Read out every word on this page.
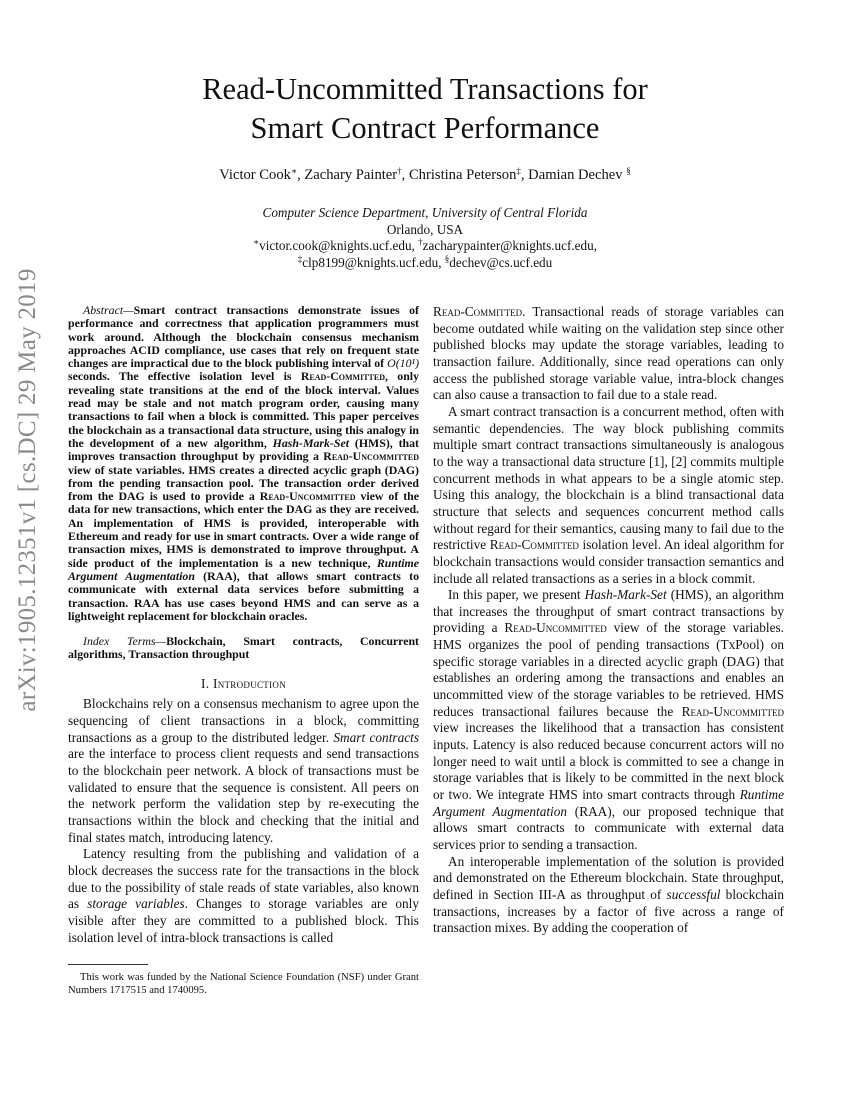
arXiv:1905.12351v1 [cs.DC] 29 May 2019
Read-Uncommitted Transactions for
Smart Contract Performance
Victor Cook∗, Zachary Painter†, Christina Peterson‡, Damian Dechev §
Computer Science Department, University of Central Florida
Orlando, USA
∗victor.cook@knights.ucf.edu, †zacharypainter@knights.ucf.edu,
‡clp8199@knights.ucf.edu, §dechev@cs.ucf.edu

Abstract—Smart contract transactions demonstrate issues of performance and correctness that application programmers must work around. Although the blockchain consensus mechanism approaches ACID compliance, use cases that rely on frequent state changes are impractical due to the block publishing interval of O(10¹) seconds. The effective isolation level is Read-Committed, only revealing state transitions at the end of the block interval. Values read may be stale and not match program order, causing many transactions to fail when a block is committed. This paper perceives the blockchain as a transactional data structure, using this analogy in the development of a new algorithm, Hash-Mark-Set (HMS), that improves transaction throughput by providing a Read-Uncommitted view of state variables. HMS creates a directed acyclic graph (DAG) from the pending transaction pool. The transaction order derived from the DAG is used to provide a Read-Uncommitted view of the data for new transactions, which enter the DAG as they are received. An implementation of HMS is provided, interoperable with Ethereum and ready for use in smart contracts. Over a wide range of transaction mixes, HMS is demonstrated to improve throughput. A side product of the implementation is a new technique, Runtime Argument Augmentation (RAA), that allows smart contracts to communicate with external data services before submitting a transaction. RAA has use cases beyond HMS and can serve as a lightweight replacement for blockchain oracles.

Index Terms—Blockchain, Smart contracts, Concurrent algorithms, Transaction throughput

I. Introduction

Blockchains rely on a consensus mechanism to agree upon the sequencing of client transactions in a block, committing transactions as a group to the distributed ledger. Smart contracts are the interface to process client requests and send transactions to the blockchain peer network. A block of transactions must be validated to ensure that the sequence is consistent. All peers on the network perform the validation step by re-executing the transactions within the block and checking that the initial and final states match, introducing latency.

Latency resulting from the publishing and validation of a block decreases the success rate for the transactions in the block due to the possibility of stale reads of state variables, also known as storage variables. Changes to storage variables are only visible after they are committed to a published block. This isolation level of intra-block transactions is called

Read-Committed. Transactional reads of storage variables can become outdated while waiting on the validation step since other published blocks may update the storage variables, leading to transaction failure. Additionally, since read operations can only access the published storage variable value, intra-block changes can also cause a transaction to fail due to a stale read.

A smart contract transaction is a concurrent method, often with semantic dependencies. The way block publishing commits multiple smart contract transactions simultaneously is analogous to the way a transactional data structure [1], [2] commits multiple concurrent methods in what appears to be a single atomic step. Using this analogy, the blockchain is a blind transactional data structure that selects and sequences concurrent method calls without regard for their semantics, causing many to fail due to the restrictive Read-Committed isolation level. An ideal algorithm for blockchain transactions would consider transaction semantics and include all related transactions as a series in a block commit.

In this paper, we present Hash-Mark-Set (HMS), an algorithm that increases the throughput of smart contract transactions by providing a Read-Uncommitted view of the storage variables. HMS organizes the pool of pending transactions (TxPool) on specific storage variables in a directed acyclic graph (DAG) that establishes an ordering among the transactions and enables an uncommitted view of the storage variables to be retrieved. HMS reduces transactional failures because the Read-Uncommitted view increases the likelihood that a transaction has consistent inputs. Latency is also reduced because concurrent actors will no longer need to wait until a block is committed to see a change in storage variables that is likely to be committed in the next block or two. We integrate HMS into smart contracts through Runtime Argument Augmentation (RAA), our proposed technique that allows smart contracts to communicate with external data services prior to sending a transaction.

An interoperable implementation of the solution is provided and demonstrated on the Ethereum blockchain. State throughput, defined in Section III-A as throughput of successful blockchain transactions, increases by a factor of five across a range of transaction mixes. By adding the cooperation of

This work was funded by the National Science Foundation (NSF) under Grant Numbers 1717515 and 1740095.
